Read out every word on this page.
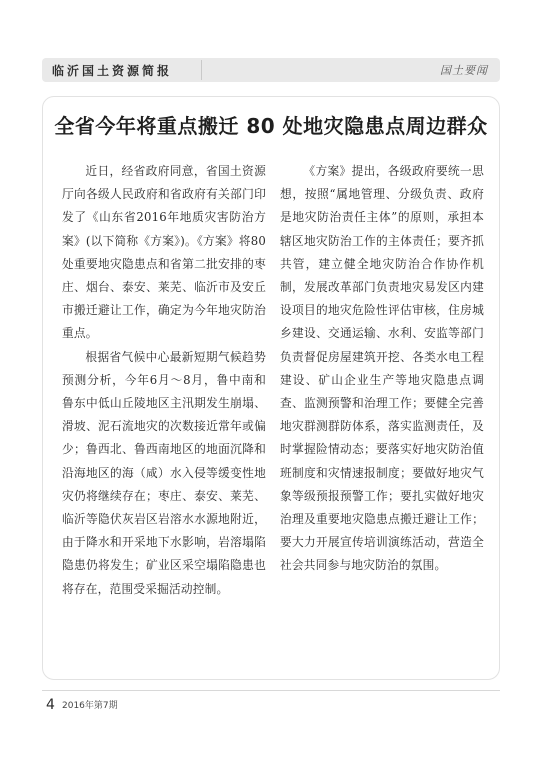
临沂国土资源简报	国土要闻
全省今年将重点搬迁 80 处地灾隐患点周边群众

近日，经省政府同意，省国土资源厅向各级人民政府和省政府有关部门印发了《山东省2016年地质灾害防治方案》(以下简称《方案》)。《方案》将80处重要地灾隐患点和省第二批安排的枣庄、烟台、泰安、莱芜、临沂市及安丘市搬迁避让工作，确定为今年地灾防治重点。

根据省气候中心最新短期气候趋势预测分析，今年6月～8月，鲁中南和鲁东中低山丘陵地区主汛期发生崩塌、滑坡、泥石流地灾的次数接近常年或偏少；鲁西北、鲁西南地区的地面沉降和沿海地区的海（咸）水入侵等缓变性地灾仍将继续存在；枣庄、泰安、莱芜、临沂等隐伏灰岩区岩溶水水源地附近，由于降水和开采地下水影响，岩溶塌陷隐患仍将发生；矿业区采空塌陷隐患也将存在，范围受采掘活动控制。

《方案》提出，各级政府要统一思想，按照“属地管理、分级负责、政府是地灾防治责任主体”的原则，承担本辖区地灾防治工作的主体责任；要齐抓共管，建立健全地灾防治合作协作机制，发展改革部门负责地灾易发区内建设项目的地灾危险性评估审核，住房城乡建设、交通运输、水利、安监等部门负责督促房屋建筑开挖、各类水电工程建设、矿山企业生产等地灾隐患点调查、监测预警和治理工作；要健全完善地灾群测群防体系，落实监测责任，及时掌握险情动态；要落实好地灾防治值班制度和灾情速报制度；要做好地灾气象等级预报预警工作；要扎实做好地灾治理及重要地灾隐患点搬迁避让工作；要大力开展宣传培训演练活动，营造全社会共同参与地灾防治的氛围。

4 2016年第7期
